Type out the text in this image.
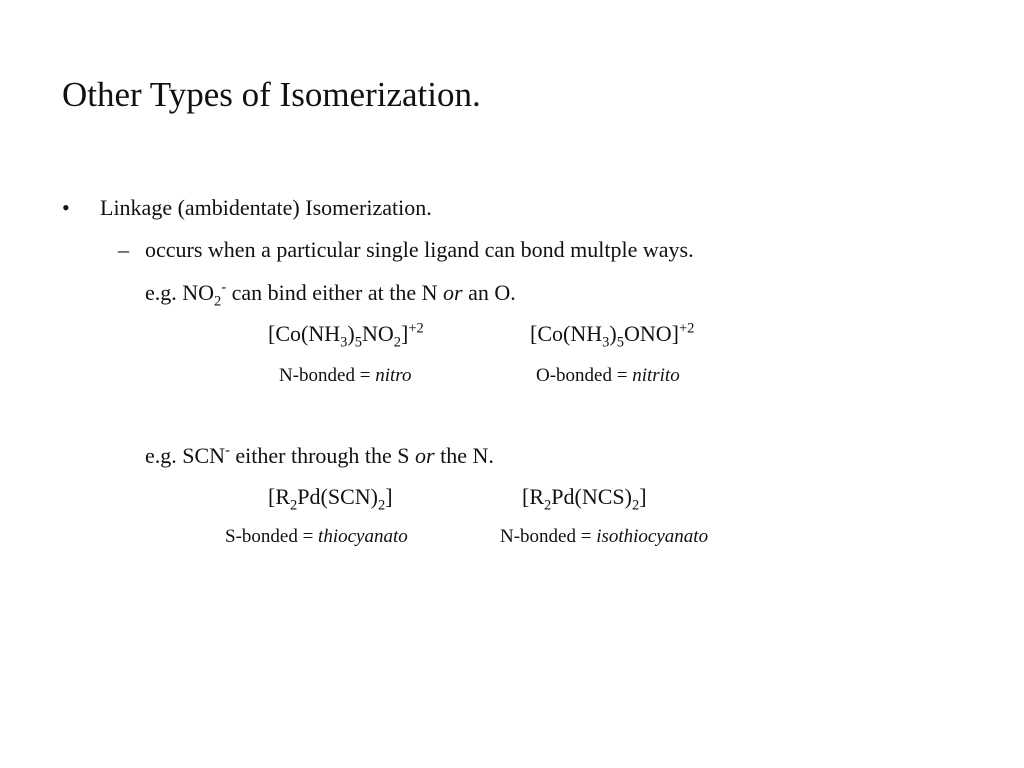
Other Types of Isomerization.
• Linkage (ambidentate) Isomerization.
– occurs when a particular single ligand can bond multple ways.
e.g. $NO_2^-$ can bind either at the N or an O.
$[Co(NH_3)_5NO_2]^{+2}$	$[Co(NH_3)_5ONO]^{+2}$
N-bonded = nitro	O-bonded = nitrito
e.g. SCN- either through the S or the N.
$[R_2Pd(SCN)_2]$	$[R_2Pd(NCS)_2]$
S-bonded = thiocyanato	N-bonded = isothiocyanato
